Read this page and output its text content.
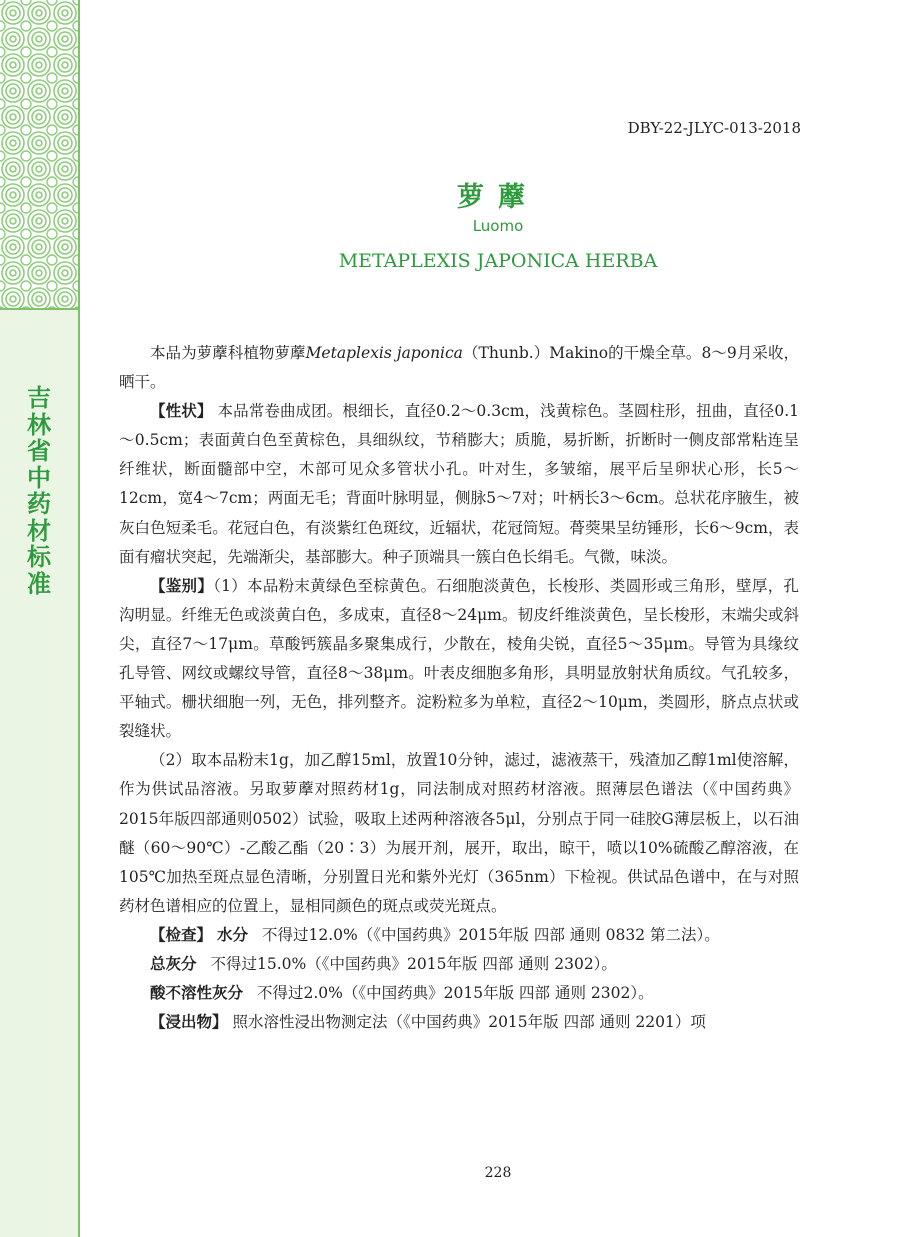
吉
林
省
中
药
材
标
准
DBY-22-JLYC-013-2018
萝藦
Luomo
METAPLEXIS JAPONICA HERBA

本品为萝藦科植物萝藦Metaplexis japonica（Thunb.）Makino的干燥全草。8～9月采收，晒干。

【性状】 本品常卷曲成团。根细长，直径0.2～0.3cm，浅黄棕色。茎圆柱形，扭曲，直径0.1～0.5cm；表面黄白色至黄棕色，具细纵纹，节稍膨大；质脆，易折断，折断时一侧皮部常粘连呈纤维状，断面髓部中空，木部可见众多管状小孔。叶对生，多皱缩，展平后呈卵状心形，长5～12cm，宽4～7cm；两面无毛；背面叶脉明显，侧脉5～7对；叶柄长3～6cm。总状花序腋生，被灰白色短柔毛。花冠白色，有淡紫红色斑纹，近辐状，花冠筒短。蓇葖果呈纺锤形，长6～9cm，表面有瘤状突起，先端渐尖，基部膨大。种子顶端具一簇白色长绢毛。气微，味淡。

【鉴别】（1）本品粉末黄绿色至棕黄色。石细胞淡黄色，长梭形、类圆形或三角形，壁厚，孔沟明显。纤维无色或淡黄白色，多成束，直径8～24μm。韧皮纤维淡黄色，呈长梭形，末端尖或斜尖，直径7～17μm。草酸钙簇晶多聚集成行，少散在，棱角尖锐，直径5～35μm。导管为具缘纹孔导管、网纹或螺纹导管，直径8～38μm。叶表皮细胞多角形，具明显放射状角质纹。气孔较多，平轴式。栅状细胞一列，无色，排列整齐。淀粉粒多为单粒，直径2～10μm，类圆形，脐点点状或裂缝状。

（2）取本品粉末1g，加乙醇15ml，放置10分钟，滤过，滤液蒸干，残渣加乙醇1ml使溶解，作为供试品溶液。另取萝藦对照药材1g，同法制成对照药材溶液。照薄层色谱法（《中国药典》2015年版四部通则0502）试验，吸取上述两种溶液各5μl，分别点于同一硅胶G薄层板上，以石油醚（60～90℃）-乙酸乙酯（20∶3）为展开剂，展开，取出，晾干，喷以10%硫酸乙醇溶液，在105℃加热至斑点显色清晰，分别置日光和紫外光灯（365nm）下检视。供试品色谱中，在与对照药材色谱相应的位置上，显相同颜色的斑点或荧光斑点。

【检查】 水分 不得过12.0%（《中国药典》2015年版 四部 通则 0832 第二法）。

总灰分 不得过15.0%（《中国药典》2015年版 四部 通则 2302）。

酸不溶性灰分 不得过2.0%（《中国药典》2015年版 四部 通则 2302）。

【浸出物】 照水溶性浸出物测定法（《中国药典》2015年版 四部 通则 2201）项

228
